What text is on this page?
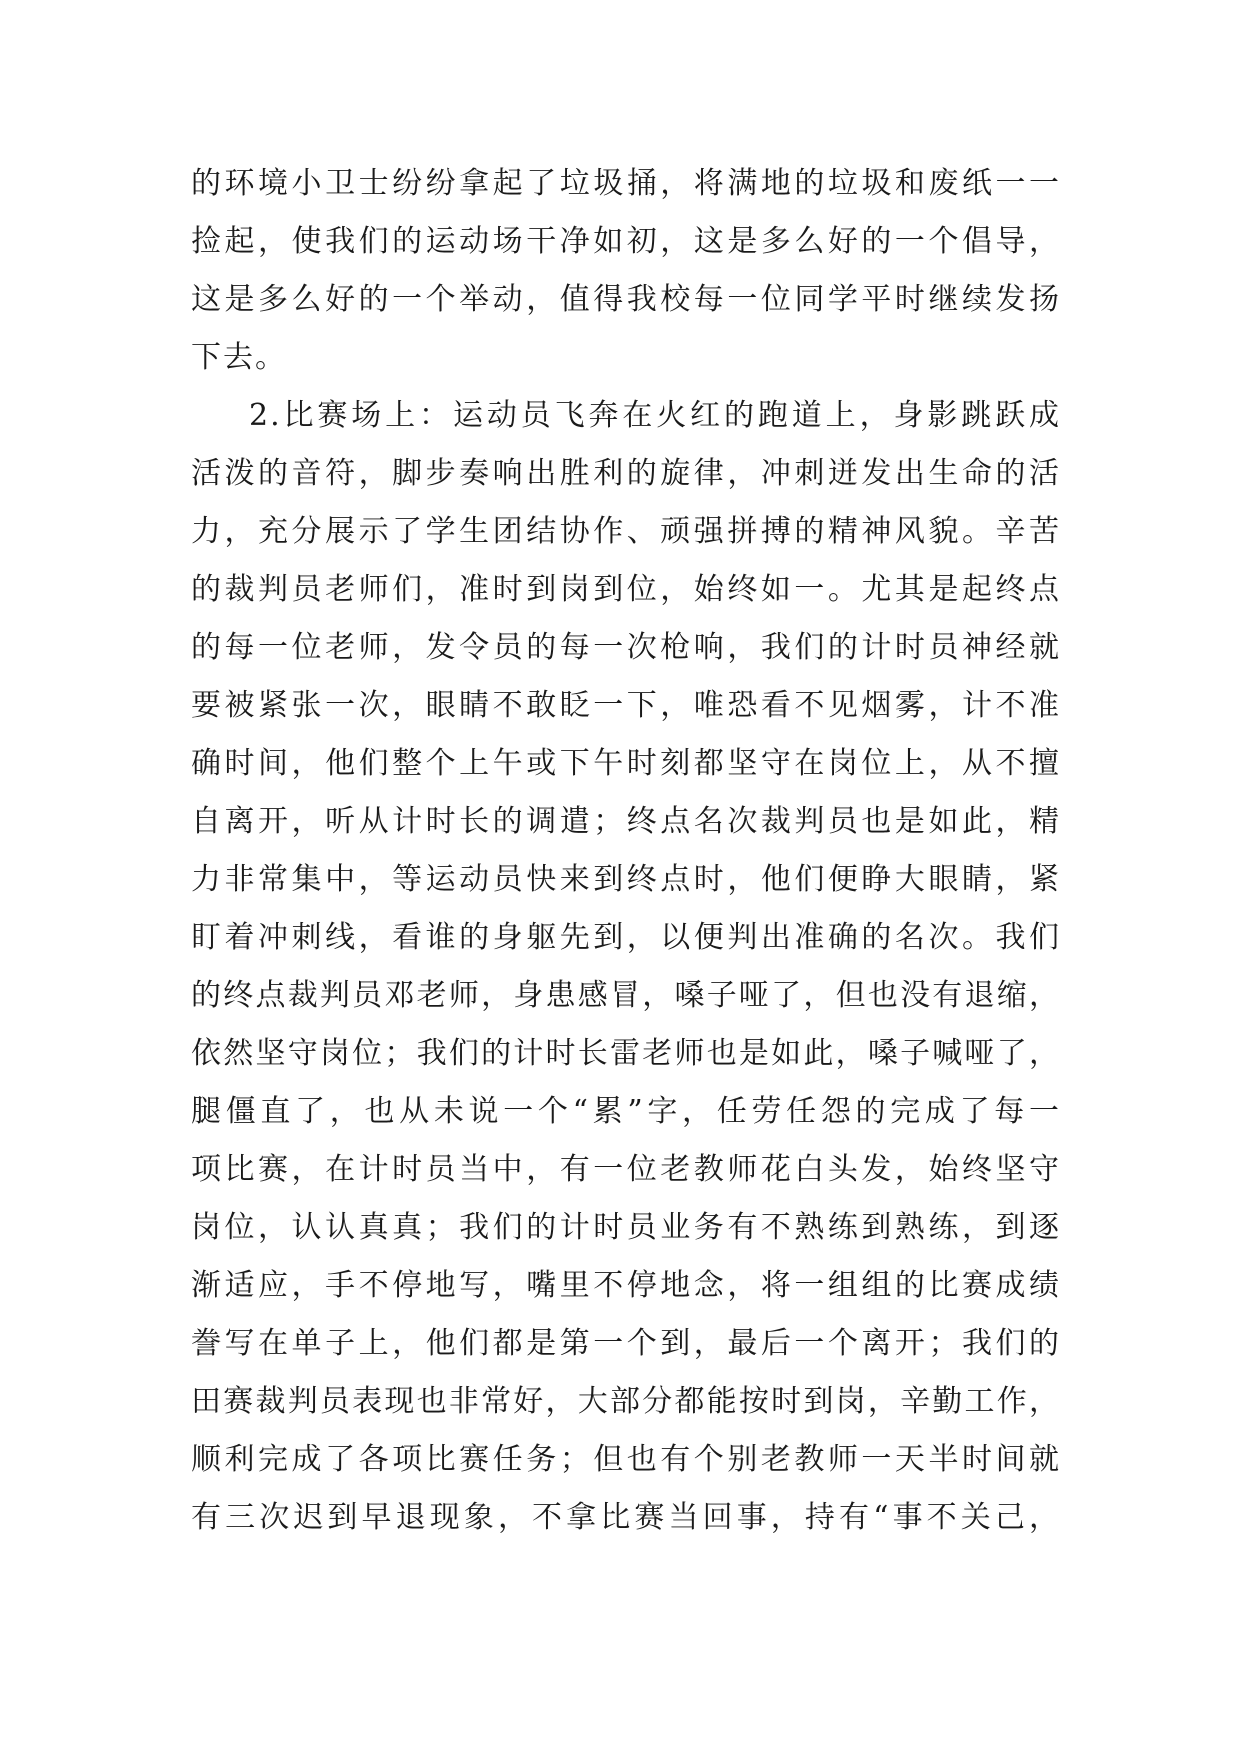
的环境小卫士纷纷拿起了垃圾捅，将满地的垃圾和废纸一一
捡起，使我们的运动场干净如初，这是多么好的一个倡导，
这是多么好的一个举动，值得我校每一位同学平时继续发扬
下去。
2.比赛场上：运动员飞奔在火红的跑道上，身影跳跃成
活泼的音符，脚步奏响出胜利的旋律，冲刺迸发出生命的活
力，充分展示了学生团结协作、顽强拼搏的精神风貌。辛苦
的裁判员老师们，准时到岗到位，始终如一。尤其是起终点
的每一位老师，发令员的每一次枪响，我们的计时员神经就
要被紧张一次，眼睛不敢眨一下，唯恐看不见烟雾，计不准
确时间，他们整个上午或下午时刻都坚守在岗位上，从不擅
自离开，听从计时长的调遣；终点名次裁判员也是如此，精
力非常集中，等运动员快来到终点时，他们便睁大眼睛，紧
盯着冲刺线，看谁的身躯先到，以便判出准确的名次。我们
的终点裁判员邓老师，身患感冒，嗓子哑了，但也没有退缩，
依然坚守岗位；我们的计时长雷老师也是如此，嗓子喊哑了，
腿僵直了，也从未说一个“累”字，任劳任怨的完成了每一
项比赛，在计时员当中，有一位老教师花白头发，始终坚守
岗位，认认真真；我们的计时员业务有不熟练到熟练，到逐
渐适应，手不停地写，嘴里不停地念，将一组组的比赛成绩
誊写在单子上，他们都是第一个到，最后一个离开；我们的
田赛裁判员表现也非常好，大部分都能按时到岗，辛勤工作，
顺利完成了各项比赛任务；但也有个别老教师一天半时间就
有三次迟到早退现象，不拿比赛当回事，持有“事不关己，
